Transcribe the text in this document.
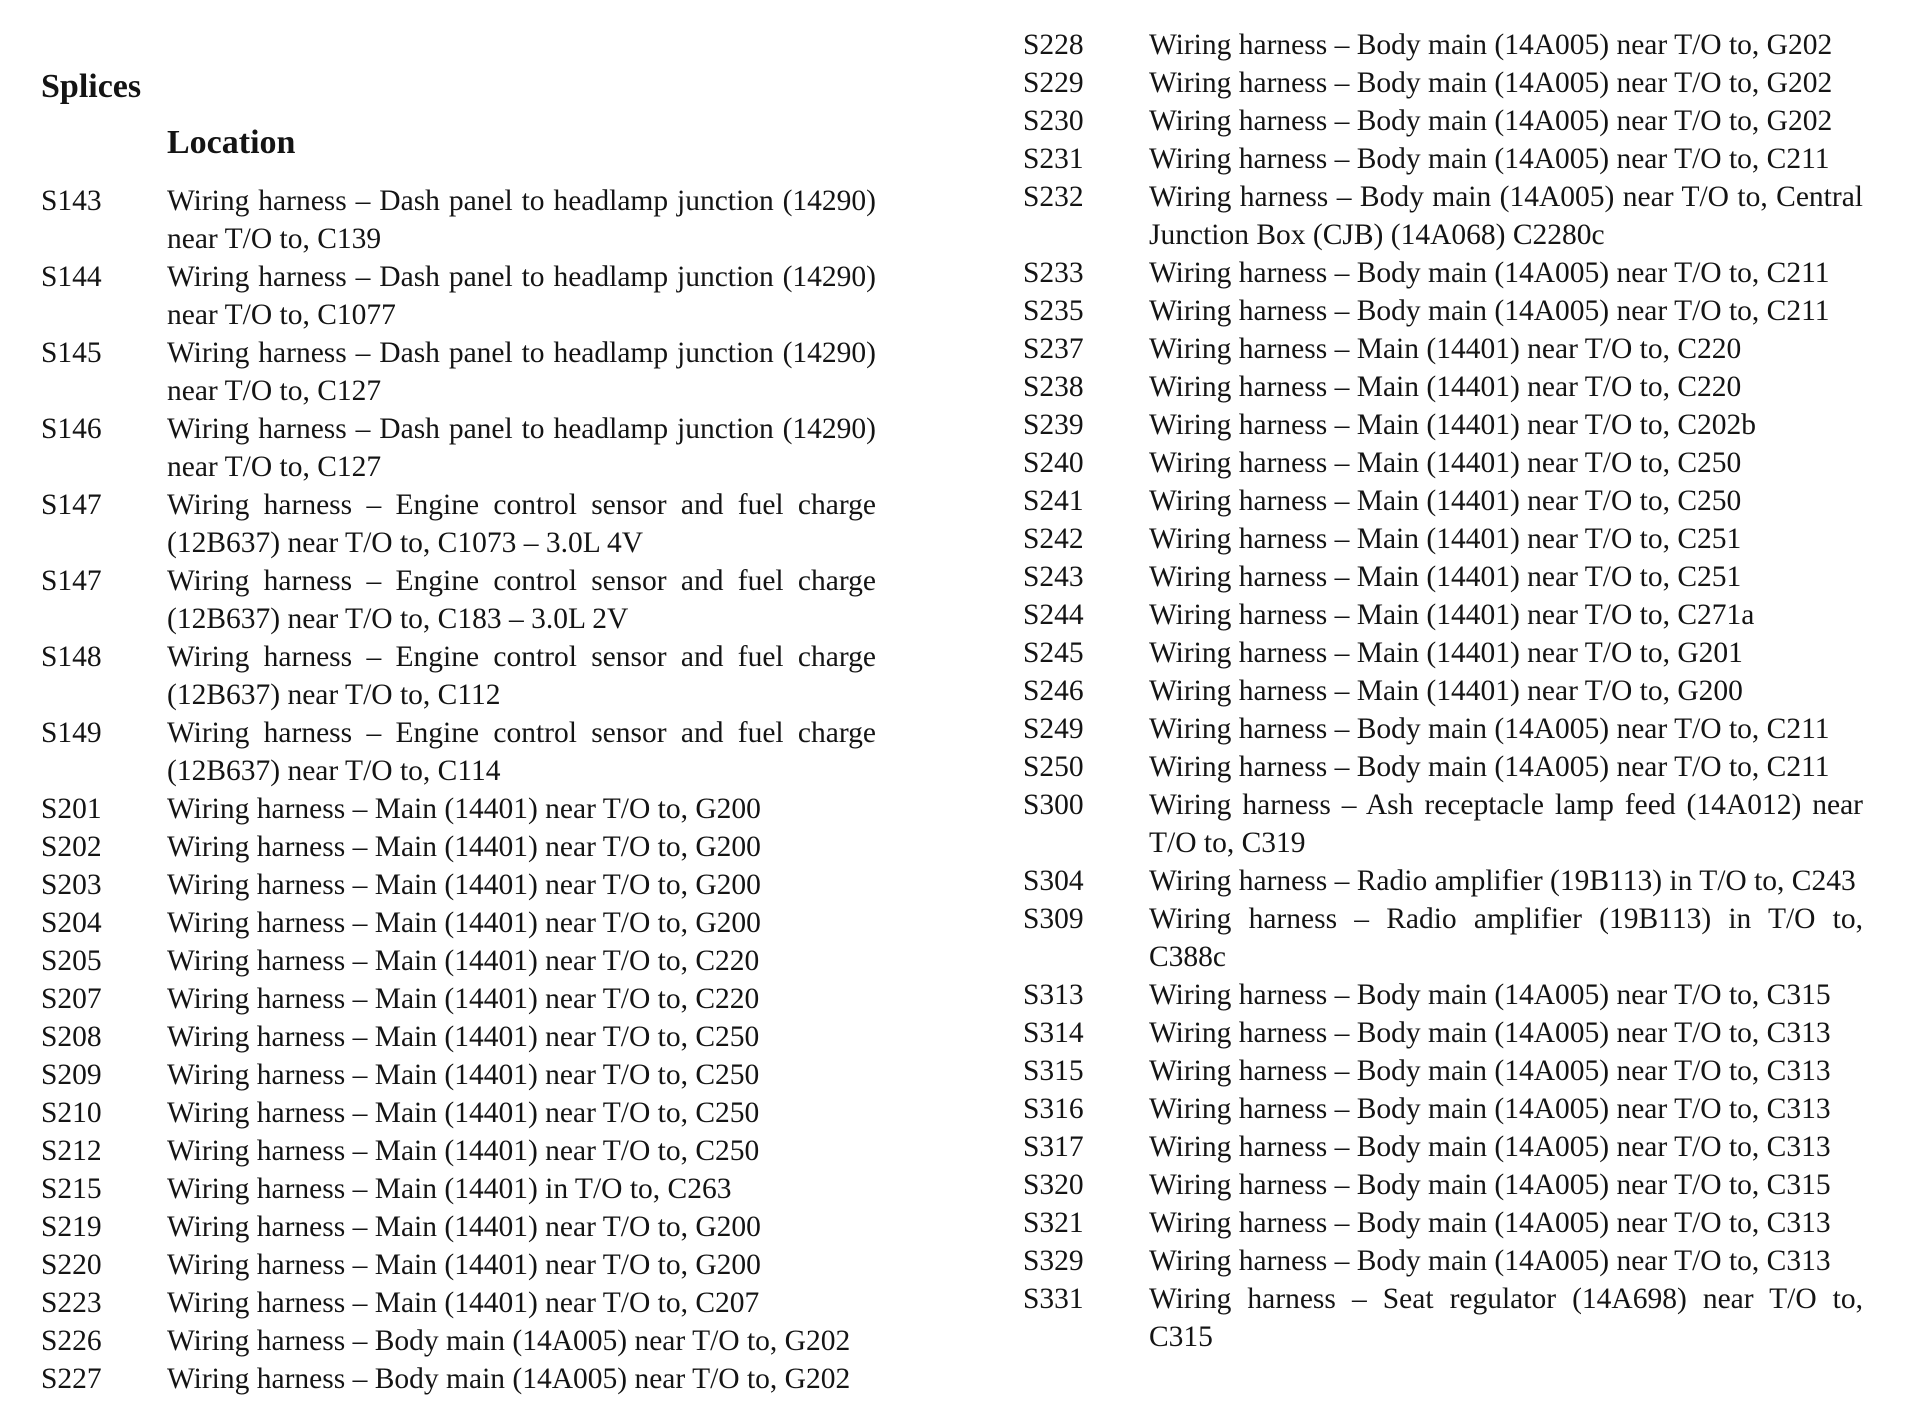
Splices
Location
S143	Wiring harness – Dash panel to headlamp junction (14290) near T/O to, C139
S144	Wiring harness – Dash panel to headlamp junction (14290) near T/O to, C1077
S145	Wiring harness – Dash panel to headlamp junction (14290) near T/O to, C127
S146	Wiring harness – Dash panel to headlamp junction (14290) near T/O to, C127
S147	Wiring harness – Engine control sensor and fuel charge (12B637) near T/O to, C1073 – 3.0L 4V
S147	Wiring harness – Engine control sensor and fuel charge (12B637) near T/O to, C183 – 3.0L 2V
S148	Wiring harness – Engine control sensor and fuel charge (12B637) near T/O to, C112
S149	Wiring harness – Engine control sensor and fuel charge (12B637) near T/O to, C114
S201	Wiring harness – Main (14401) near T/O to, G200
S202	Wiring harness – Main (14401) near T/O to, G200
S203	Wiring harness – Main (14401) near T/O to, G200
S204	Wiring harness – Main (14401) near T/O to, G200
S205	Wiring harness – Main (14401) near T/O to, C220
S207	Wiring harness – Main (14401) near T/O to, C220
S208	Wiring harness – Main (14401) near T/O to, C250
S209	Wiring harness – Main (14401) near T/O to, C250
S210	Wiring harness – Main (14401) near T/O to, C250
S212	Wiring harness – Main (14401) near T/O to, C250
S215	Wiring harness – Main (14401) in T/O to, C263
S219	Wiring harness – Main (14401) near T/O to, G200
S220	Wiring harness – Main (14401) near T/O to, G200
S223	Wiring harness – Main (14401) near T/O to, C207
S226	Wiring harness – Body main (14A005) near T/O to, G202
S227	Wiring harness – Body main (14A005) near T/O to, G202
S228	Wiring harness – Body main (14A005) near T/O to, G202
S229	Wiring harness – Body main (14A005) near T/O to, G202
S230	Wiring harness – Body main (14A005) near T/O to, G202
S231	Wiring harness – Body main (14A005) near T/O to, C211
S232	Wiring harness – Body main (14A005) near T/O to, Central Junction Box (CJB) (14A068) C2280c
S233	Wiring harness – Body main (14A005) near T/O to, C211
S235	Wiring harness – Body main (14A005) near T/O to, C211
S237	Wiring harness – Main (14401) near T/O to, C220
S238	Wiring harness – Main (14401) near T/O to, C220
S239	Wiring harness – Main (14401) near T/O to, C202b
S240	Wiring harness – Main (14401) near T/O to, C250
S241	Wiring harness – Main (14401) near T/O to, C250
S242	Wiring harness – Main (14401) near T/O to, C251
S243	Wiring harness – Main (14401) near T/O to, C251
S244	Wiring harness – Main (14401) near T/O to, C271a
S245	Wiring harness – Main (14401) near T/O to, G201
S246	Wiring harness – Main (14401) near T/O to, G200
S249	Wiring harness – Body main (14A005) near T/O to, C211
S250	Wiring harness – Body main (14A005) near T/O to, C211
S300	Wiring harness – Ash receptacle lamp feed (14A012) near T/O to, C319
S304	Wiring harness – Radio amplifier (19B113) in T/O to, C243
S309	Wiring harness – Radio amplifier (19B113) in T/O to, C388c
S313	Wiring harness – Body main (14A005) near T/O to, C315
S314	Wiring harness – Body main (14A005) near T/O to, C313
S315	Wiring harness – Body main (14A005) near T/O to, C313
S316	Wiring harness – Body main (14A005) near T/O to, C313
S317	Wiring harness – Body main (14A005) near T/O to, C313
S320	Wiring harness – Body main (14A005) near T/O to, C315
S321	Wiring harness – Body main (14A005) near T/O to, C313
S329	Wiring harness – Body main (14A005) near T/O to, C313
S331	Wiring harness – Seat regulator (14A698) near T/O to, C315
